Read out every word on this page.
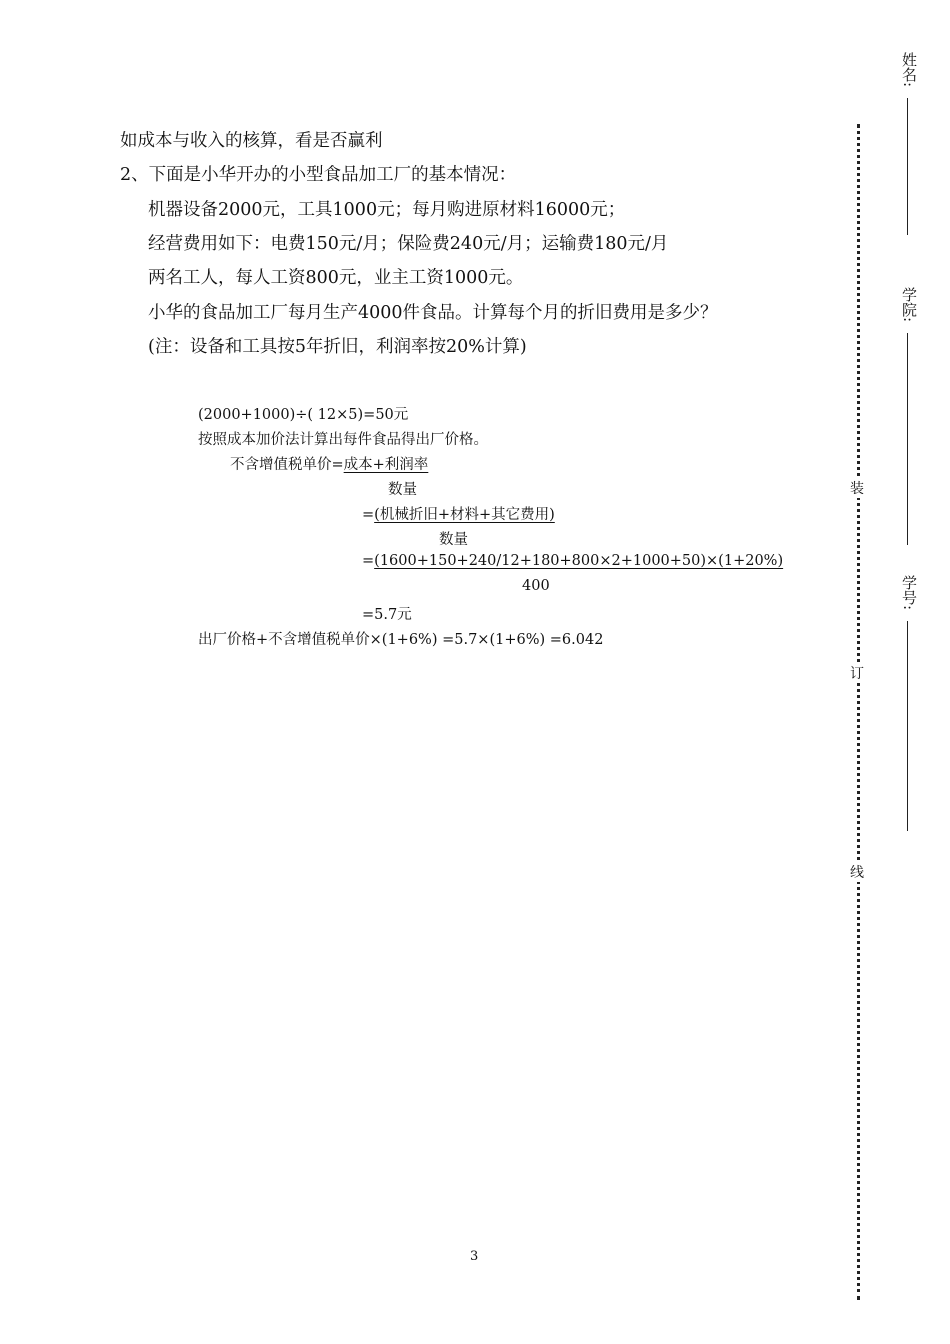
如成本与收入的核算，看是否赢利
2、下面是小华开办的小型食品加工厂的基本情况：
机器设备2000元，工具1000元；每月购进原材料16000元；
经营费用如下：电费150元/月；保险费240元/月；运输费180元/月
两名工人，每人工资800元，业主工资1000元。
小华的食品加工厂每月生产4000件食品。计算每个月的折旧费用是多少？
(注：设备和工具按5年折旧，利润率按20%计算)
(2000+1000)÷( 12×5)=50元
按照成本加价法计算出每件食品得出厂价格。
不含增值税单价=成本+利润率
数量
=(机械折旧+材料+其它费用)
数量
=(1600+150+240/12+180+800×2+1000+50)×(1+20%)
400
=5.7元
出厂价格+不含增值税单价×(1+6%) =5.7×(1+6%) =6.042
3
装
订
线
姓名:
学院:
学号:
